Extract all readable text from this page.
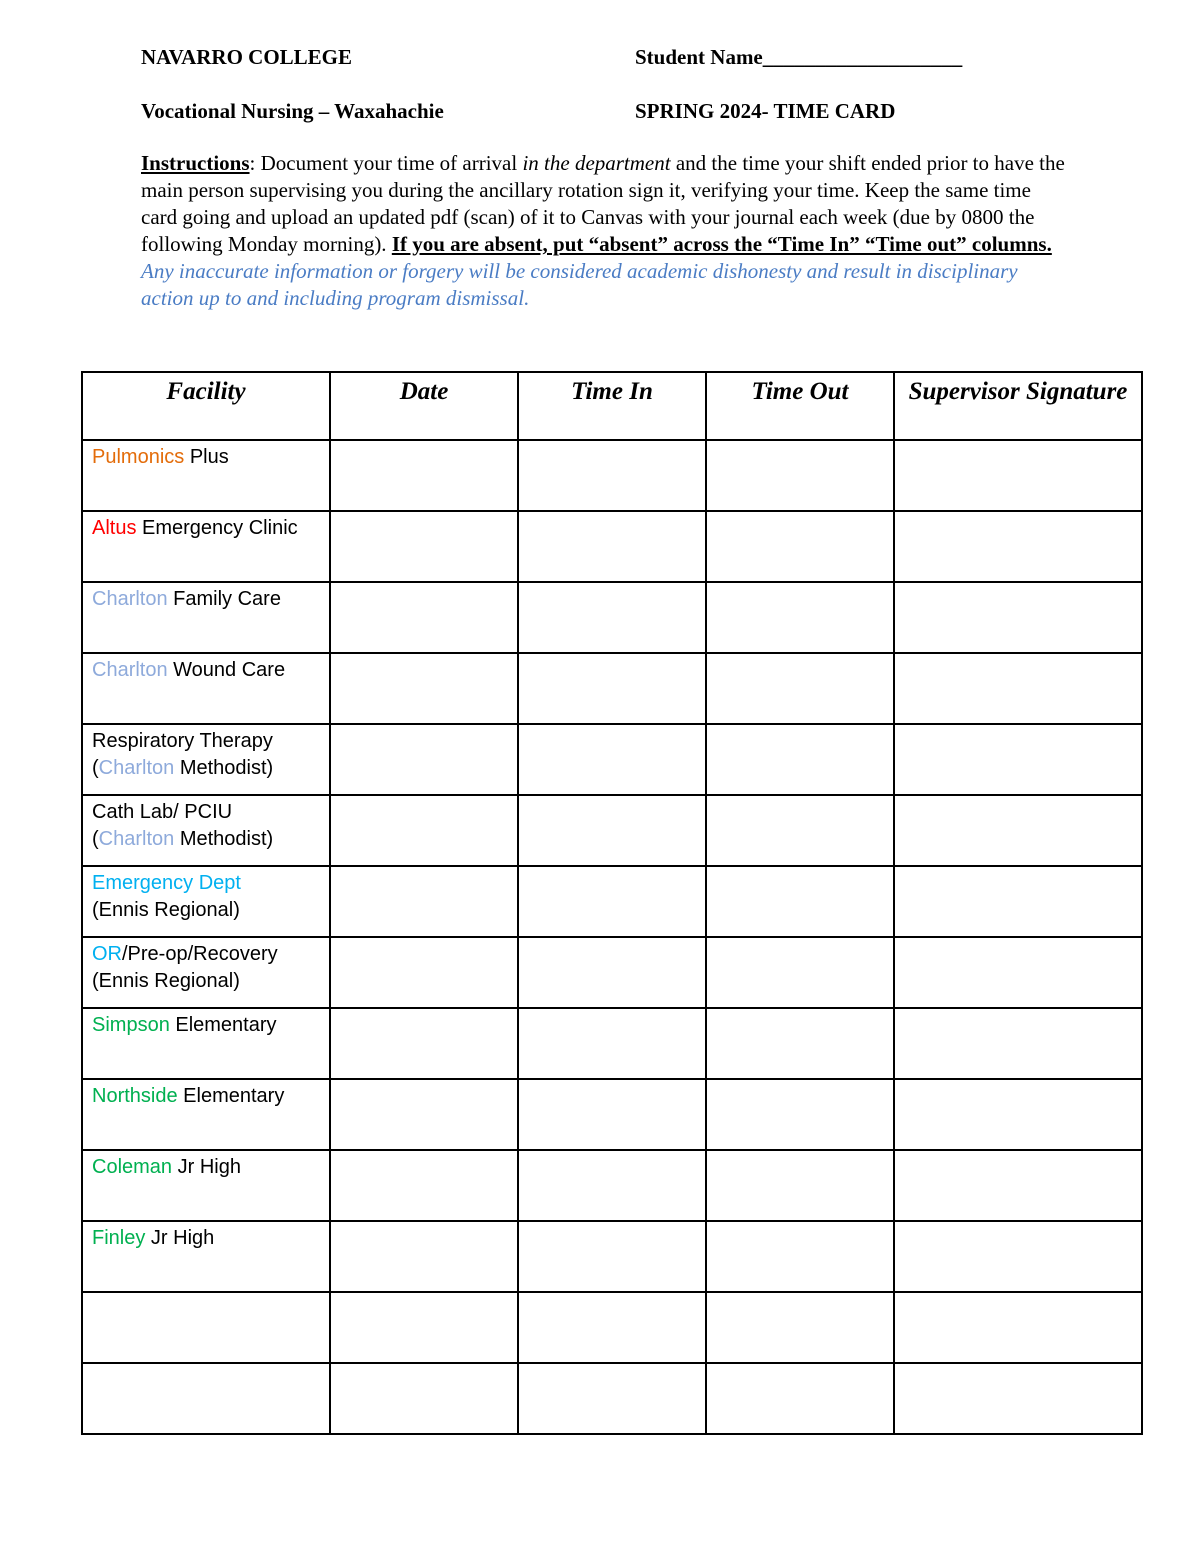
NAVARRO COLLEGE	Student Name___________________
Vocational Nursing – Waxahachie	SPRING 2024- TIME CARD
Instructions: Document your time of arrival in the department and the time your shift ended prior to have the main person supervising you during the ancillary rotation sign it, verifying your time. Keep the same time card going and upload an updated pdf (scan) of it to Canvas with your journal each week (due by 0800 the following Monday morning). If you are absent, put “absent” across the “Time In” “Time out” columns.
Any inaccurate information or forgery will be considered academic dishonesty and result in disciplinary action up to and including program dismissal.
Facility	Date	Time In	Time Out	Supervisor Signature

Pulmonics Plus				

Altus Emergency Clinic				

Charlton Family Care				

Charlton Wound Care				

Respiratory Therapy
(Charlton Methodist)				

Cath Lab/ PCIU
(Charlton Methodist)				

Emergency Dept
(Ennis Regional)				

OR/Pre-op/Recovery
(Ennis Regional)				

Simpson Elementary				

Northside Elementary				

Coleman Jr High				

Finley Jr High				
